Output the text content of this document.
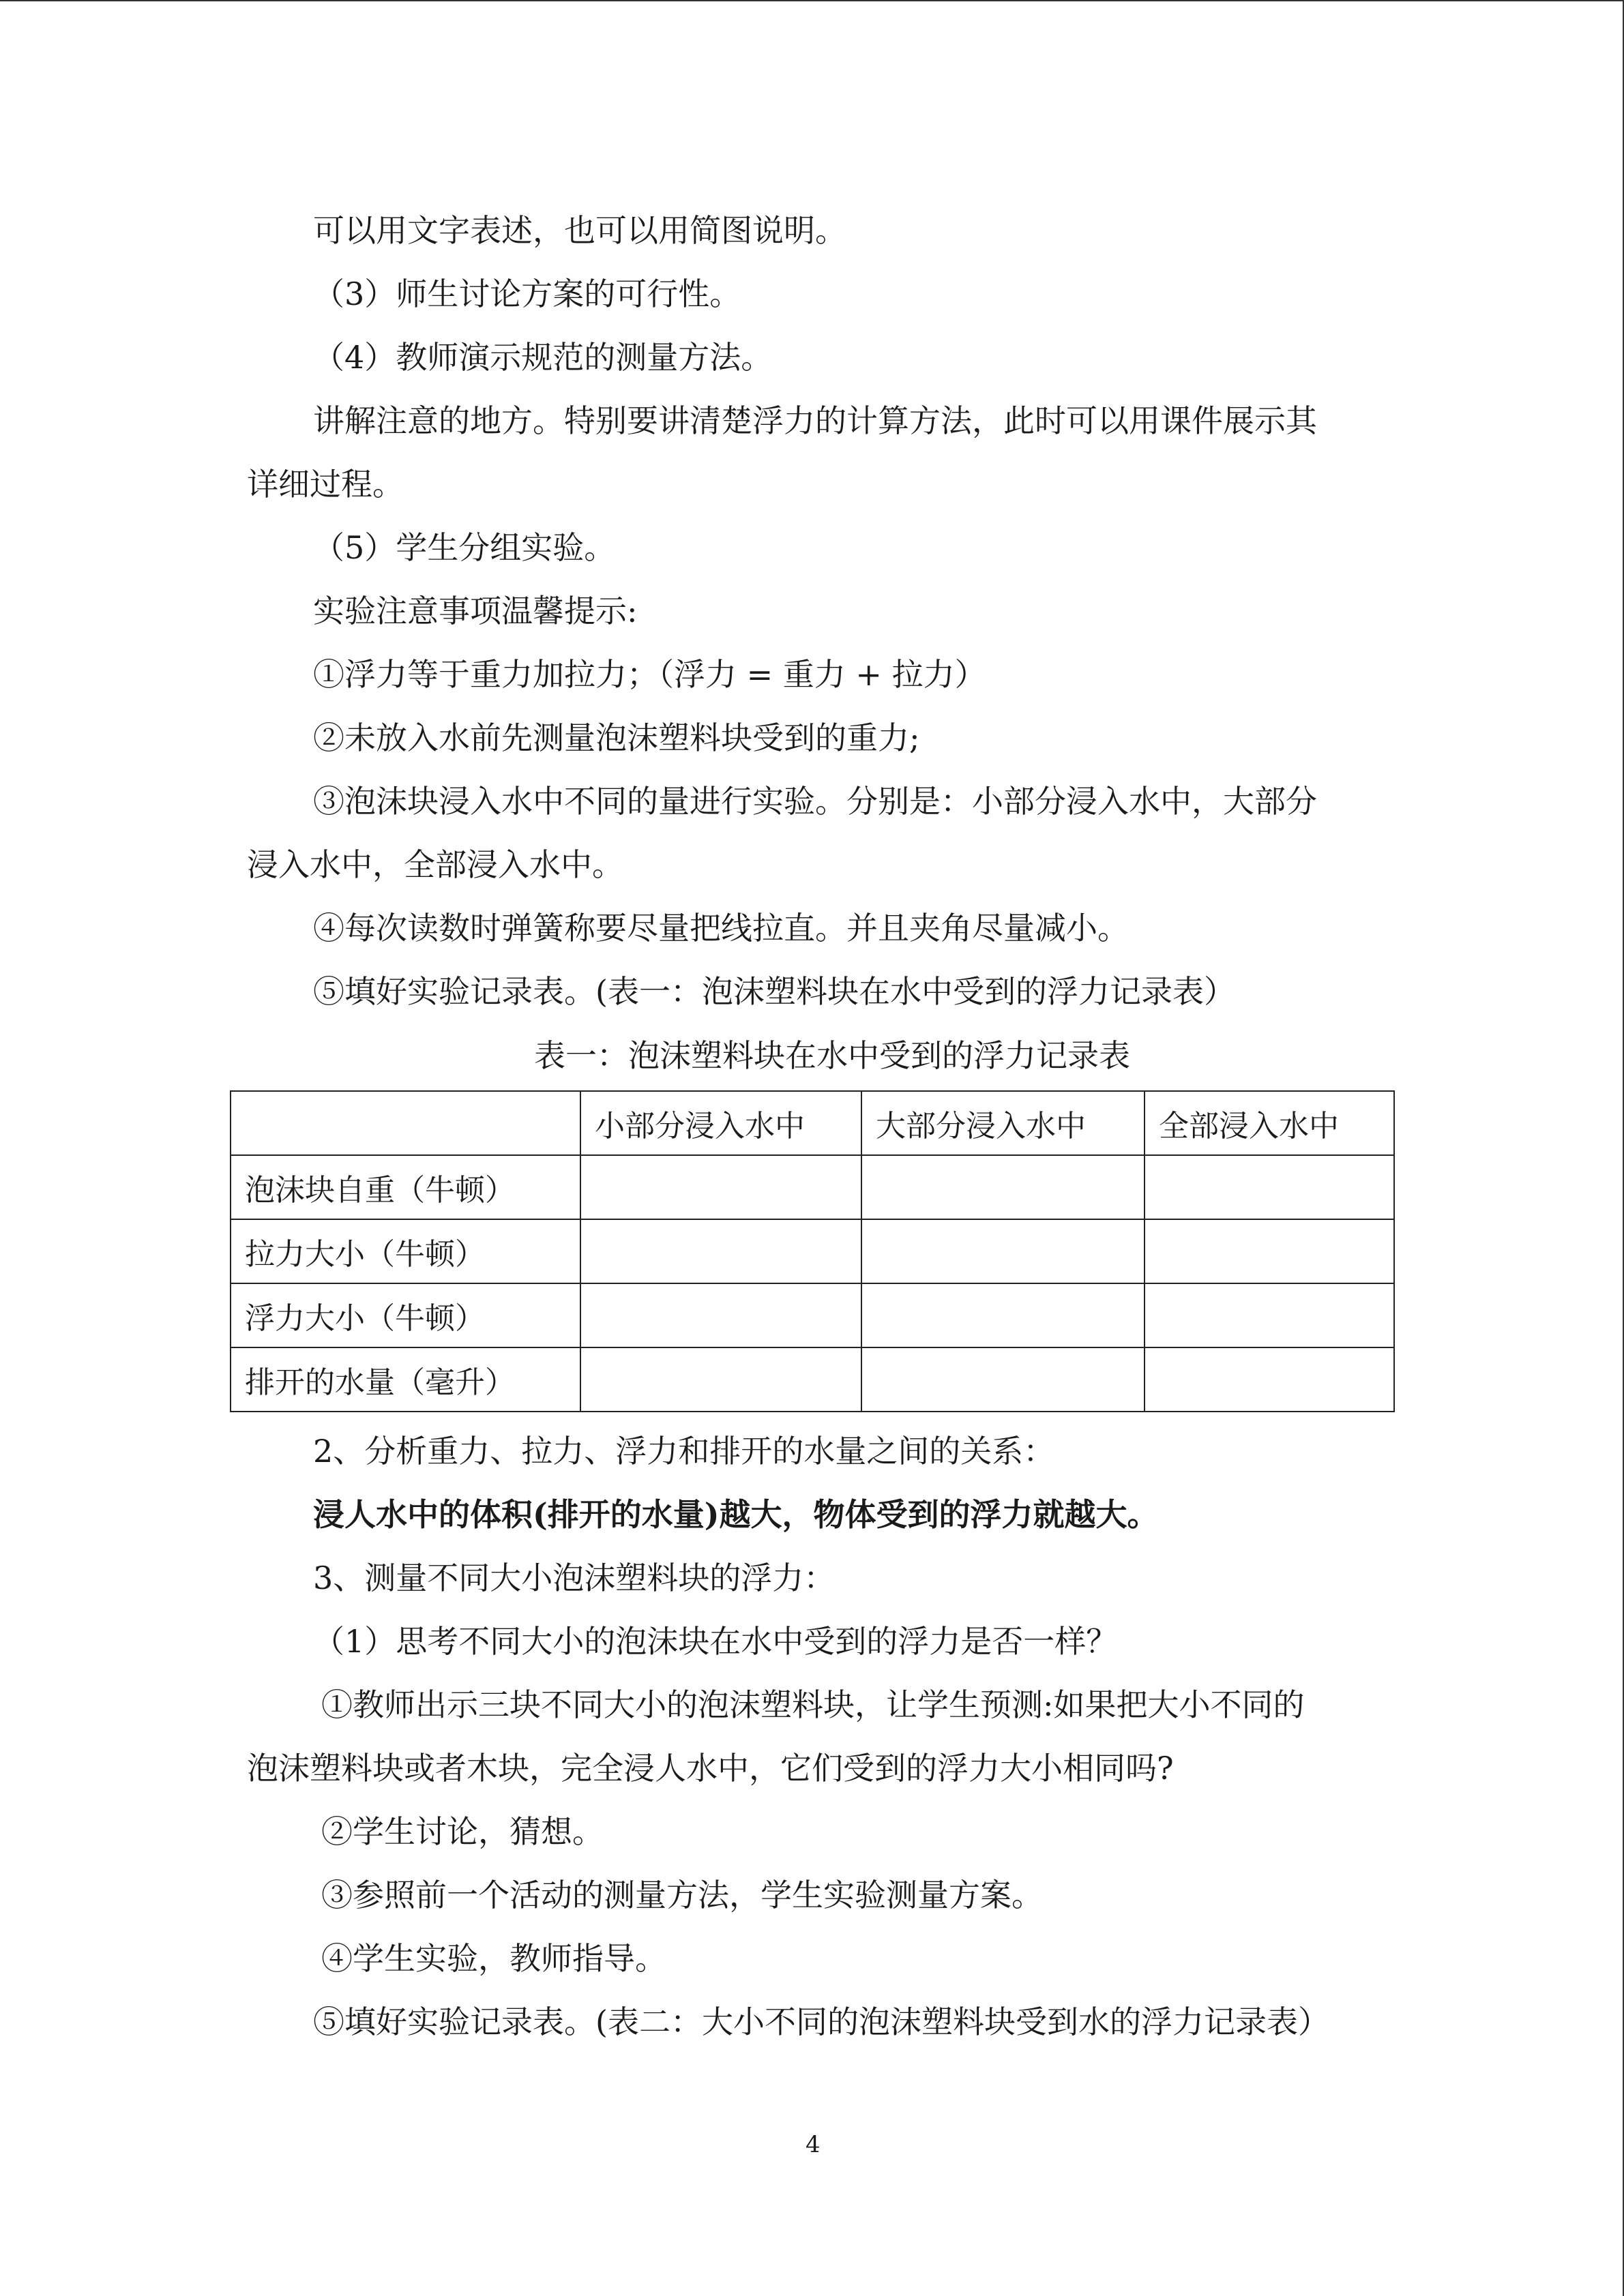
可以用文字表述，也可以用简图说明。
（3）师生讨论方案的可行性。
（4）教师演示规范的测量方法。
讲解注意的地方。特别要讲清楚浮力的计算方法，此时可以用课件展示其
详细过程。
（5）学生分组实验。
实验注意事项温馨提示:
①浮力等于重力加拉力；（浮力 = 重力 + 拉力）
②未放入水前先测量泡沫塑料块受到的重力;
③泡沫块浸入水中不同的量进行实验。分别是：小部分浸入水中，大部分
浸入水中，全部浸入水中。
④每次读数时弹簧称要尽量把线拉直。并且夹角尽量减小。
⑤填好实验记录表。(表一：泡沫塑料块在水中受到的浮力记录表）
表一：泡沫塑料块在水中受到的浮力记录表
	小部分浸入水中	大部分浸入水中	全部浸入水中
泡沫块自重（牛顿）			
拉力大小（牛顿）			
浮力大小（牛顿）			
排开的水量（毫升）			
2、分析重力、拉力、浮力和排开的水量之间的关系：
浸人水中的体积(排开的水量)越大，物体受到的浮力就越大。
3、测量不同大小泡沫塑料块的浮力：
（1）思考不同大小的泡沫块在水中受到的浮力是否一样？
①教师出示三块不同大小的泡沫塑料块，让学生预测:如果把大小不同的
泡沫塑料块或者木块，完全浸人水中，它们受到的浮力大小相同吗?
②学生讨论，猜想。
③参照前一个活动的测量方法，学生实验测量方案。
④学生实验，教师指导。
⑤填好实验记录表。(表二：大小不同的泡沫塑料块受到水的浮力记录表）
4
